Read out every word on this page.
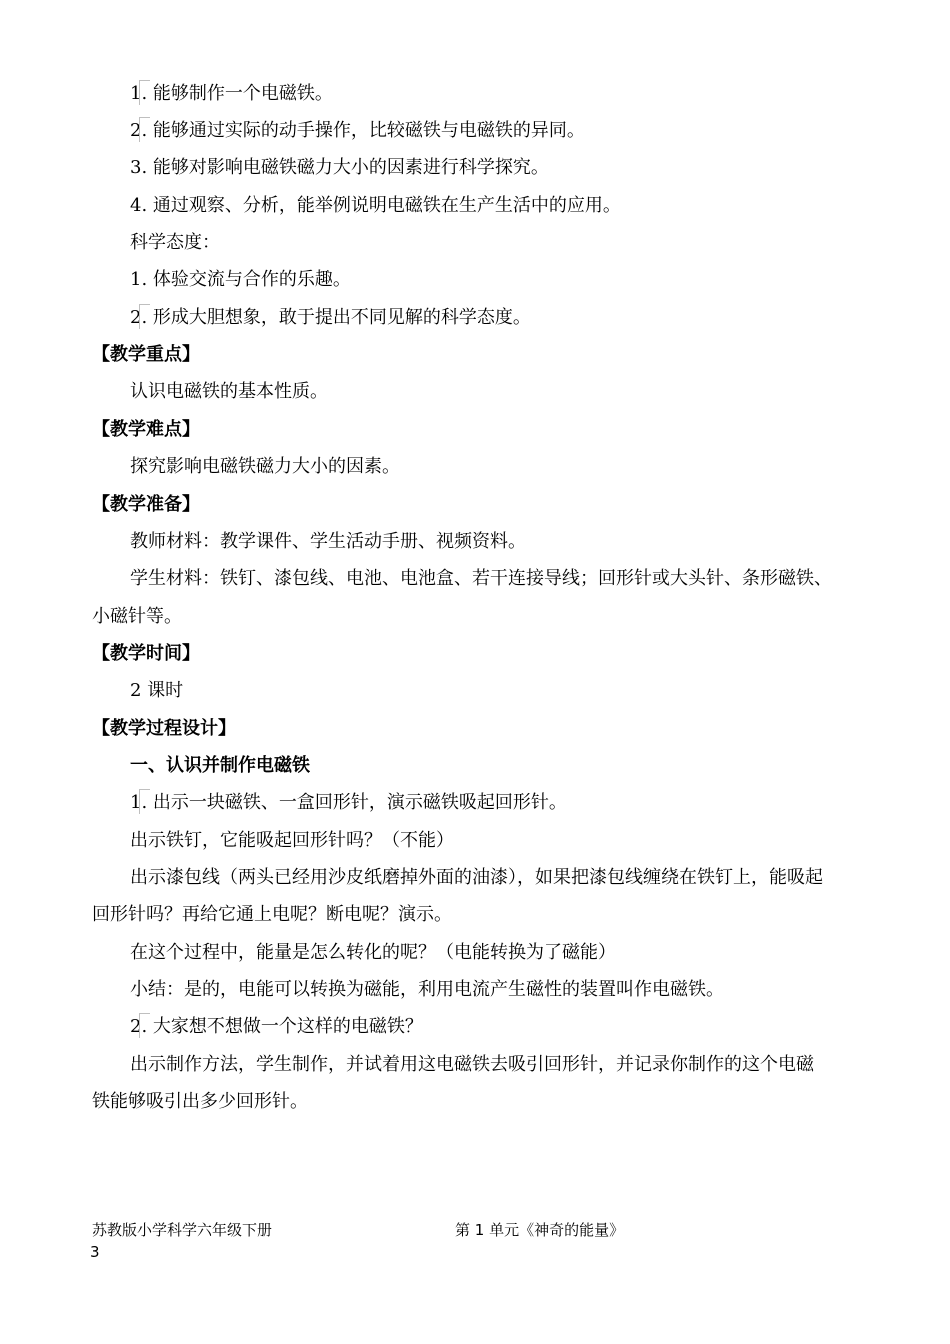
1. 能够制作一个电磁铁。
2. 能够通过实际的动手操作，比较磁铁与电磁铁的异同。
3. 能够对影响电磁铁磁力大小的因素进行科学探究。
4. 通过观察、分析，能举例说明电磁铁在生产生活中的应用。
科学态度：
1. 体验交流与合作的乐趣。
2. 形成大胆想象，敢于提出不同见解的科学态度。
【教学重点】
认识电磁铁的基本性质。
【教学难点】
探究影响电磁铁磁力大小的因素。
【教学准备】
教师材料：教学课件、学生活动手册、视频资料。
学生材料：铁钉、漆包线、电池、电池盒、若干连接导线；回形针或大头针、条形磁铁、
小磁针等。
【教学时间】
2 课时
【教学过程设计】
一、认识并制作电磁铁
1. 出示一块磁铁、一盒回形针，演示磁铁吸起回形针。
出示铁钉，它能吸起回形针吗？（不能）
出示漆包线（两头已经用沙皮纸磨掉外面的油漆），如果把漆包线缠绕在铁钉上，能吸起
回形针吗？再给它通上电呢？断电呢？演示。
在这个过程中，能量是怎么转化的呢？（电能转换为了磁能）
小结：是的，电能可以转换为磁能，利用电流产生磁性的装置叫作电磁铁。
2. 大家想不想做一个这样的电磁铁？
出示制作方法，学生制作，并试着用这电磁铁去吸引回形针，并记录你制作的这个电磁
铁能够吸引出多少回形针。
苏教版小学科学六年级下册	第 1 单元《神奇的能量》
3
